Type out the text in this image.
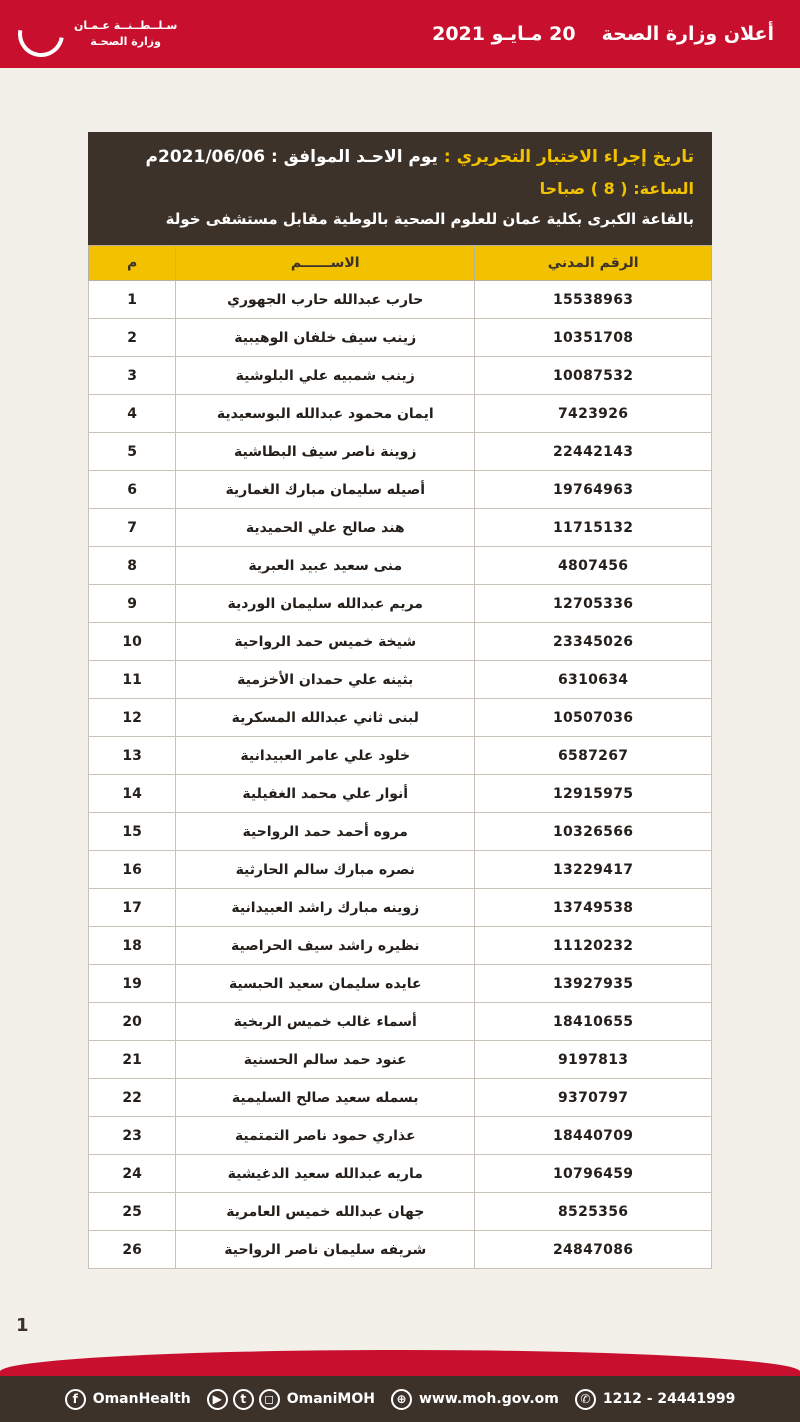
أعلان وزارة الصحة
20 مـايـو 2021
سـلــطــنــة عـمـان
وزارة الصحـة
تاريخ إجراء الاختبار التحريري : يوم الاحـد الموافق : 2021/06/06م
الساعة: ( 8 ) صباحا
بالقاعة الكبرى بكلية عمان للعلوم الصحية بالوطية مقابل مستشفى خولة
الرقم المدني	الاســــــم	م
15538963	حارب عبدالله حارب الجهوري	1
10351708	زينب سيف خلفان الوهيبية	2
10087532	زينب شمبيه علي البلوشية	3
7423926	ايمان محمود عبدالله البوسعيدية	4
22442143	زوينة ناصر سيف البطاشية	5
19764963	أصيله سليمان مبارك الغمارية	6
11715132	هند صالح علي الحميدية	7
4807456	منى سعيد عبيد العبرية	8
12705336	مريم عبدالله سليمان الوردية	9
23345026	شيخة خميس حمد الرواحية	10
6310634	بثينه علي حمدان الأخزمية	11
10507036	لبنى ثاني عبدالله المسكرية	12
6587267	خلود علي عامر العبيدانية	13
12915975	أنوار علي محمد الغفيلية	14
10326566	مروه أحمد حمد الرواحية	15
13229417	نصره مبارك سالم الحارثية	16
13749538	زوينه مبارك راشد العبيدانية	17
11120232	نظيره راشد سيف الحراصية	18
13927935	عايده سليمان سعيد الحبسية	19
18410655	أسماء غالب خميس الربخية	20
9197813	عنود حمد سالم الحسنية	21
9370797	بسمله سعيد صالح السليمية	22
18440709	عذاري حمود ناصر التمتمية	23
10796459	ماريه عبدالله سعيد الدغيشية	24
8525356	جهان عبدالله خميس العامرية	25
24847086	شريفه سليمان ناصر الرواحية	26
1
f	OmanHealth	▶	t	◻ OmaniMOH	⊕ www.moh.gov.om	✆ 1212 - 24441999
